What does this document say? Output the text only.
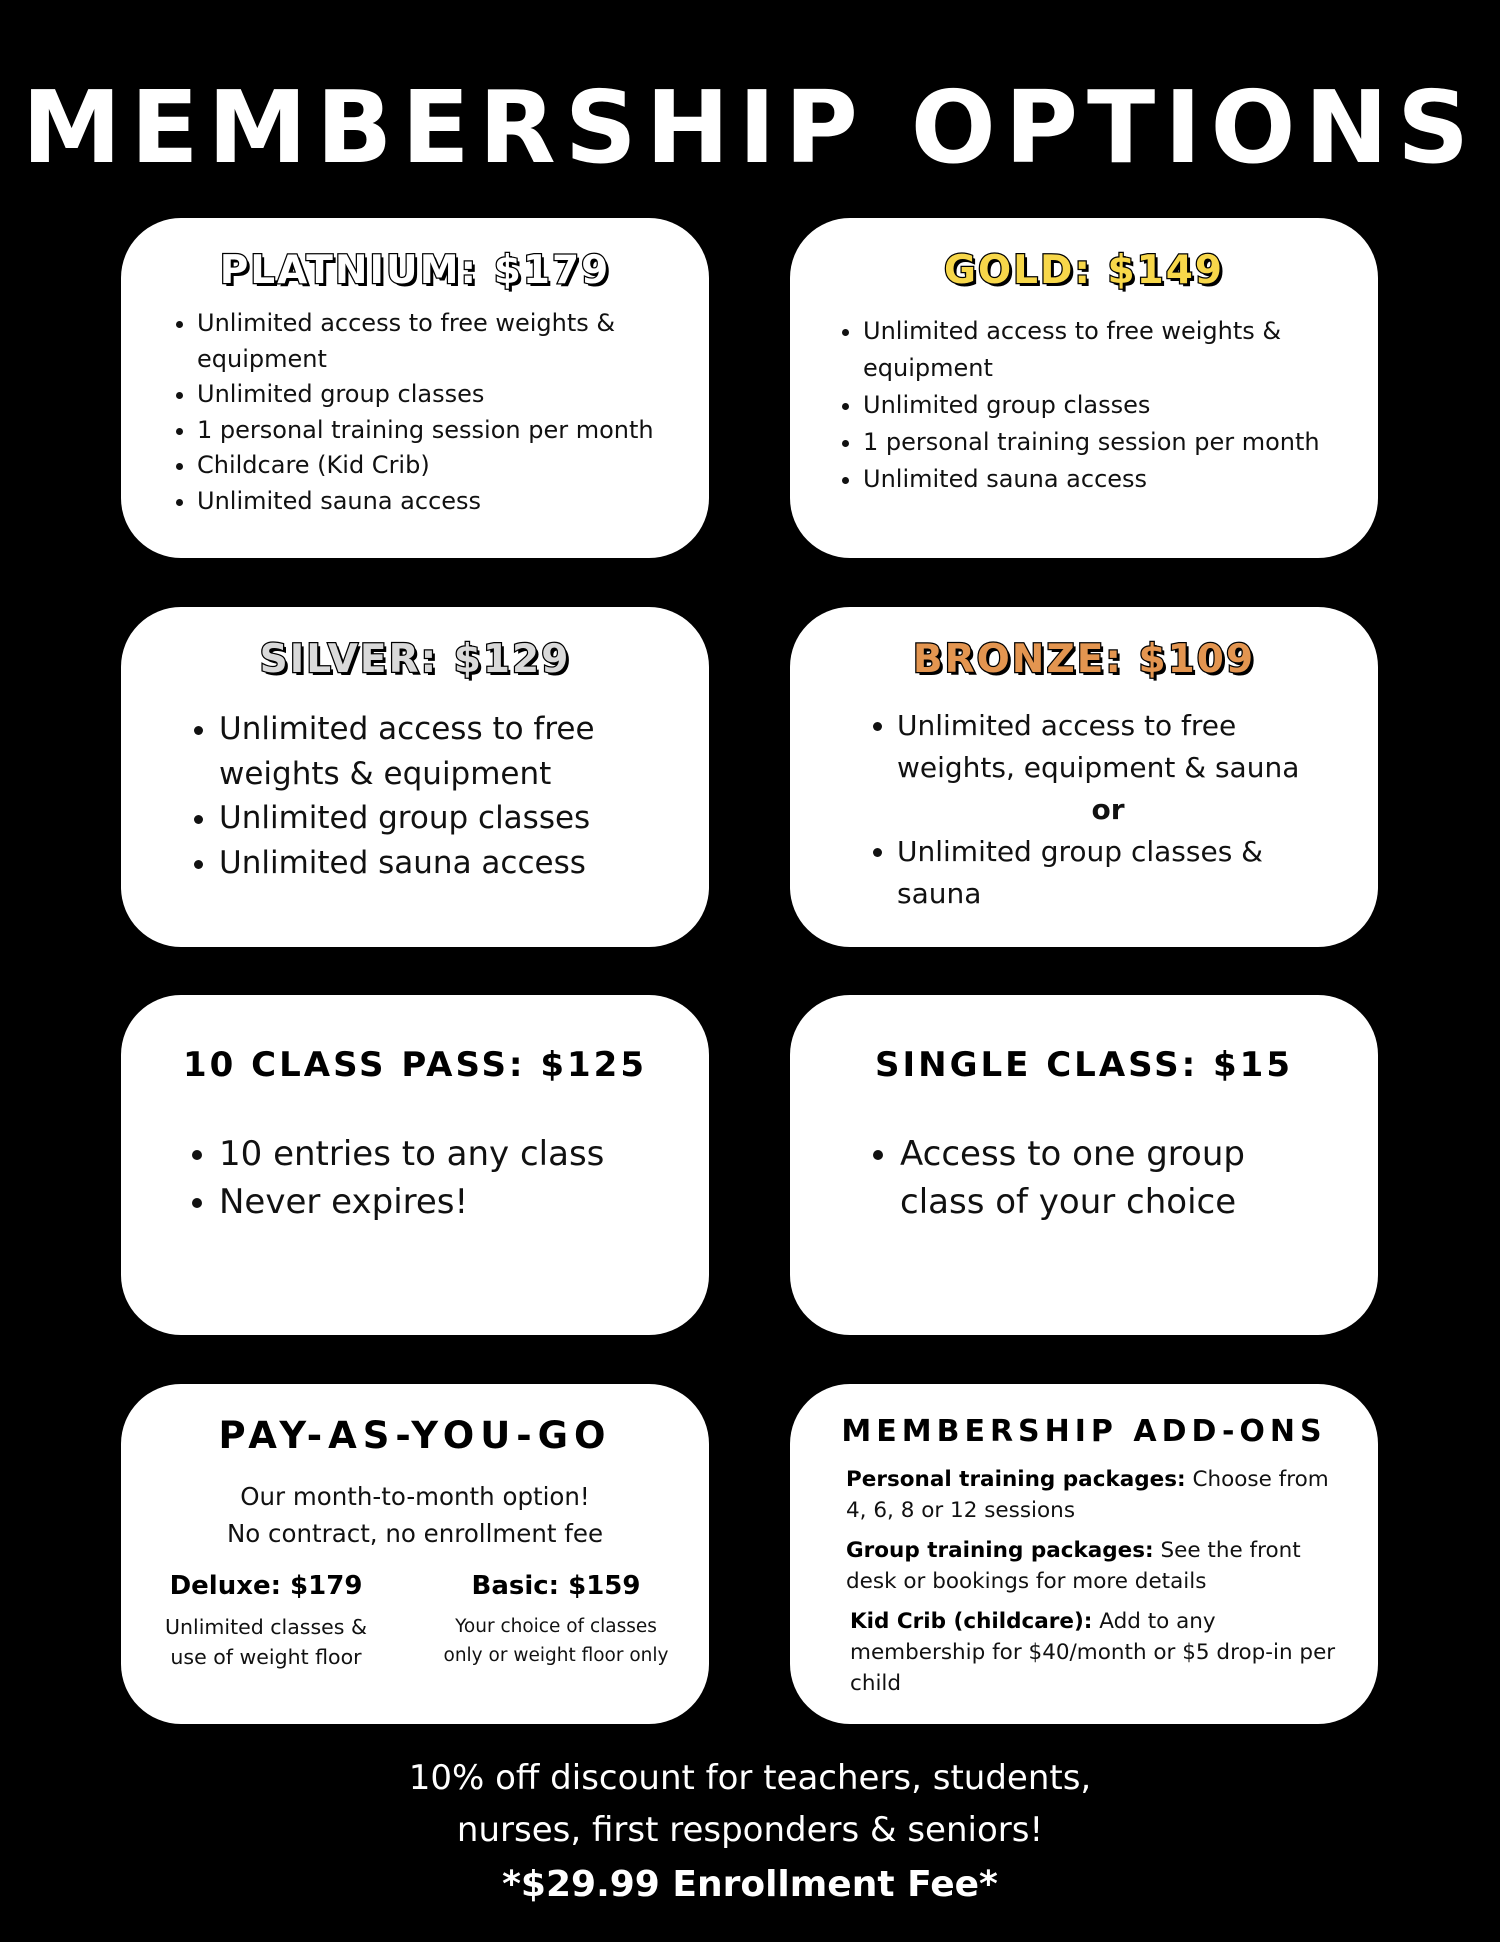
MEMBERSHIP OPTIONS
PLATNIUM: $179
• Unlimited access to free weights & equipment
• Unlimited group classes
• 1 personal training session per month
• Childcare (Kid Crib)
• Unlimited sauna access
GOLD: $149
• Unlimited access to free weights & equipment
• Unlimited group classes
• 1 personal training session per month
• Unlimited sauna access
SILVER: $129
• Unlimited access to free weights & equipment
• Unlimited group classes
• Unlimited sauna access
BRONZE: $109
• Unlimited access to free weights, equipment & sauna
or
• Unlimited group classes & sauna
10 CLASS PASS: $125
• 10 entries to any class
• Never expires!
SINGLE CLASS: $15
• Access to one group class of your choice
PAY-AS-YOU-GO
Our month-to-month option!
No contract, no enrollment fee
Deluxe: $179
Unlimited classes &
use of weight floor
Basic: $159
Your choice of classes
only or weight floor only
MEMBERSHIP ADD-ONS

Personal training packages: Choose from 4, 6, 8 or 12 sessions

Group training packages: See the front desk or bookings for more details

Kid Crib (childcare): Add to any membership for $40/month or $5 drop-in per child

10% off discount for teachers, students,
nurses, first responders & seniors!
*$29.99 Enrollment Fee*
